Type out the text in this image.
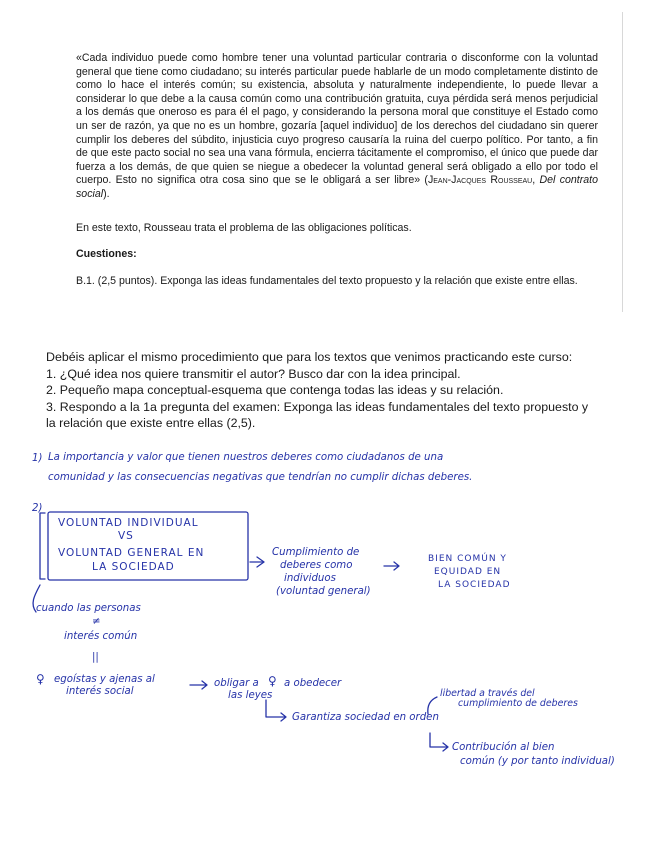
«Cada individuo puede como hombre tener una voluntad particular contraria o disconforme con la voluntad general que tiene como ciudadano; su interés particular puede hablarle de un modo completamente distinto de como lo hace el interés común; su existencia, absoluta y naturalmente independiente, lo puede llevar a considerar lo que debe a la causa común como una contribución gratuita, cuya pérdida será menos perjudicial a los demás que oneroso es para él el pago, y considerando la persona moral que constituye el Estado como un ser de razón, ya que no es un hombre, gozaría [aquel individuo] de los derechos del ciudadano sin querer cumplir los deberes del súbdito, injusticia cuyo progreso causaría la ruina del cuerpo político. Por tanto, a fin de que este pacto social no sea una vana fórmula, encierra tácitamente el compromiso, el único que puede dar fuerza a los demás, de que quien se niegue a obedecer la voluntad general será obligado a ello por todo el cuerpo. Esto no significa otra cosa sino que se le obligará a ser libre» (Jean-Jacques Rousseau, Del contrato social).

En este texto, Rousseau trata el problema de las obligaciones políticas.

Cuestiones:

B.1. (2,5 puntos). Exponga las ideas fundamentales del texto propuesto y la relación que existe entre ellas.

Debéis aplicar el mismo procedimiento que para los textos que venimos practicando este curso:
1. ¿Qué idea nos quiere transmitir el autor? Busco dar con la idea principal.
2. Pequeño mapa conceptual-esquema que contenga todas las ideas y su relación.
3. Respondo a la 1a pregunta del examen: Exponga las ideas fundamentales del texto propuesto y
la relación que existe entre ellas (2,5).
1) La importancia y valor que tienen nuestros deberes como ciudadanos de una
comunidad y las consecuencias negativas que tendrían no cumplir dichas deberes.
2)
VOLUNTAD INDIVIDUAL
VS
VOLUNTAD GENERAL EN
LA SOCIEDAD
Cumplimiento de
deberes como
individuos
(voluntad general)
BIEN COMÚN Y
EQUIDAD EN
LA SOCIEDAD
cuando las personas
≠
interés común
||
♀ egoístas y ajenas al
interés social
obligar a ♀ a obedecer
las leyes	libertad a través del
cumplimiento de deberes
Garantiza sociedad en orden
Contribución al bien
común (y por tanto individual)
